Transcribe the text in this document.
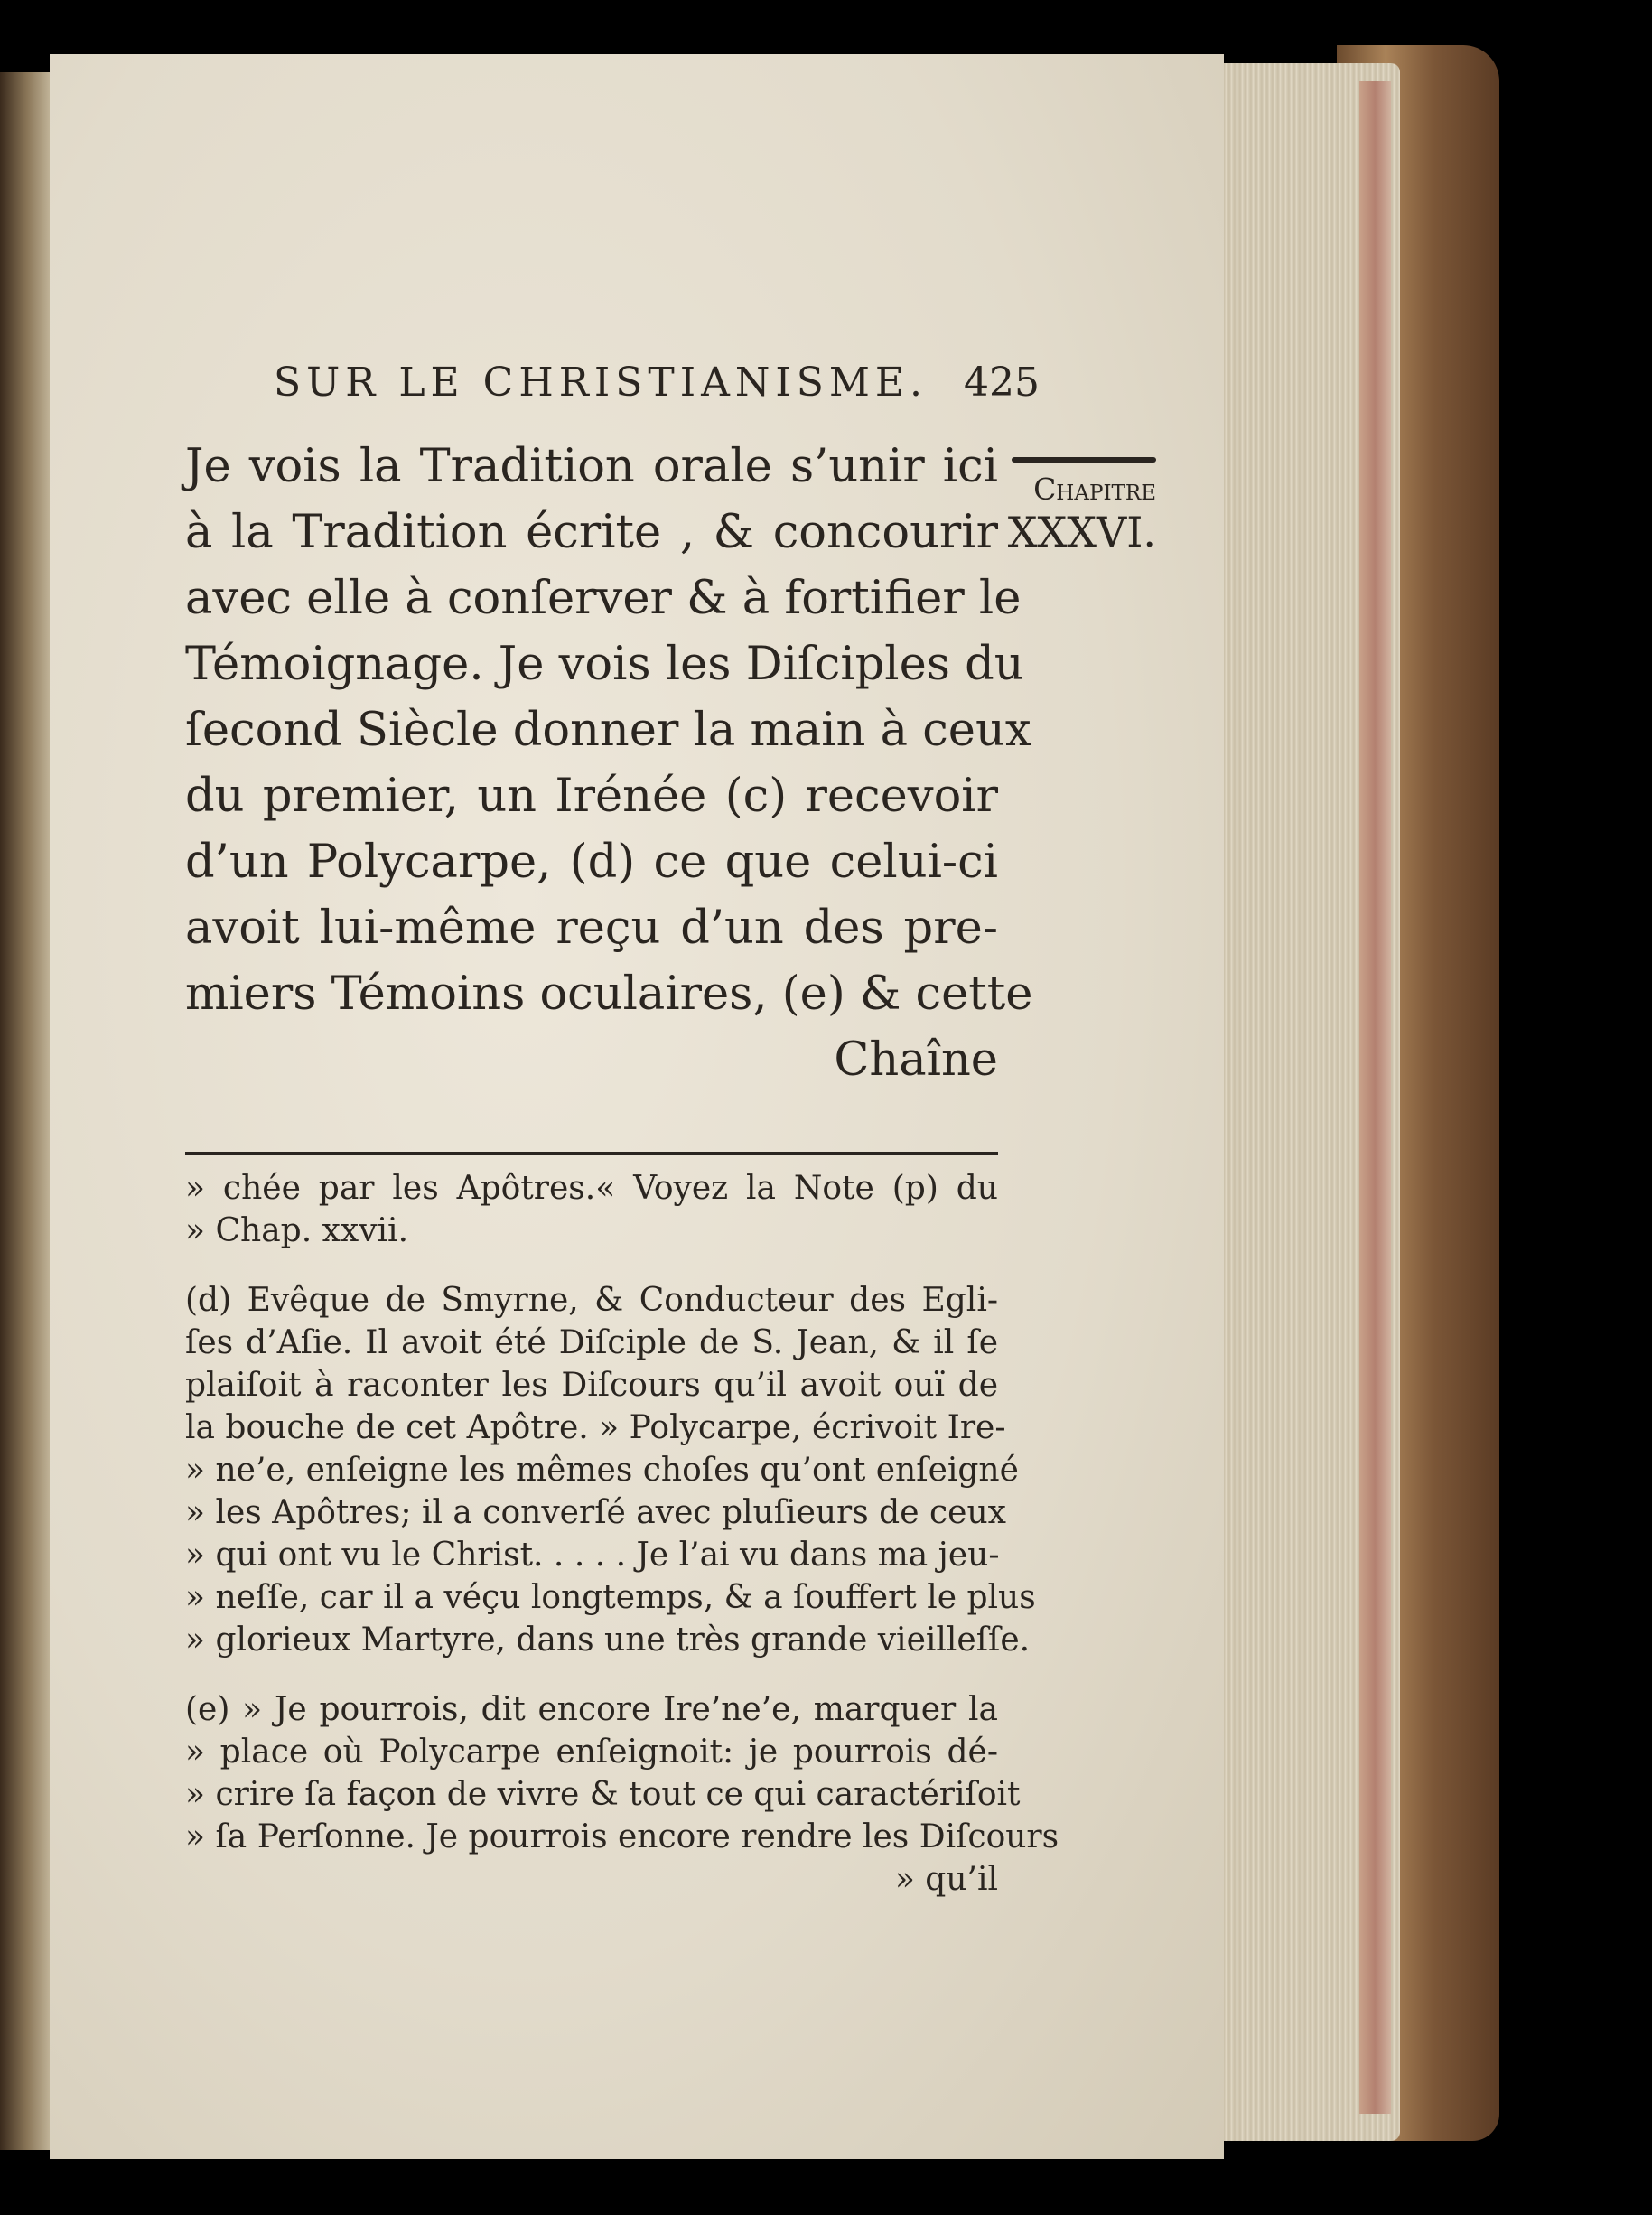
SUR LE CHRISTIANISME. 425
Je vois la Tradition orale s’unir ici
à la Tradition écrite , & concourir
avec elle à conſerver & à fortifier le
Témoignage. Je vois les Diſciples du
ſecond Siècle donner la main à ceux
du premier, un Irénée (c) recevoir
d’un Polycarpe, (d) ce que celui-ci
avoit lui-même reçu d’un des pre-
miers Témoins oculaires, (e) & cette
Chaîne
Chapitre
XXXVI.
» chée par les Apôtres.« Voyez la Note (p) du
» Chap. xxvii.
(d) Evêque de Smyrne, & Conducteur des Egli-
ſes d’Aſie. Il avoit été Diſciple de S. Jean, & il ſe
plaiſoit à raconter les Diſcours qu’il avoit ouï de
la bouche de cet Apôtre. » Polycarpe, écrivoit Ire-
» ne’e, enſeigne les mêmes choſes qu’ont enſeigné
» les Apôtres; il a converſé avec pluſieurs de ceux
» qui ont vu le Christ. . . . . Je l’ai vu dans ma jeu-
» neſſe, car il a véçu longtemps, & a ſouffert le plus
» glorieux Martyre, dans une très grande vieilleſſe.
(e) » Je pourrois, dit encore Ire’ne’e, marquer la
» place où Polycarpe enſeignoit: je pourrois dé-
» crire ſa façon de vivre & tout ce qui caractériſoit
» ſa Perſonne. Je pourrois encore rendre les Diſcours
» qu’il
